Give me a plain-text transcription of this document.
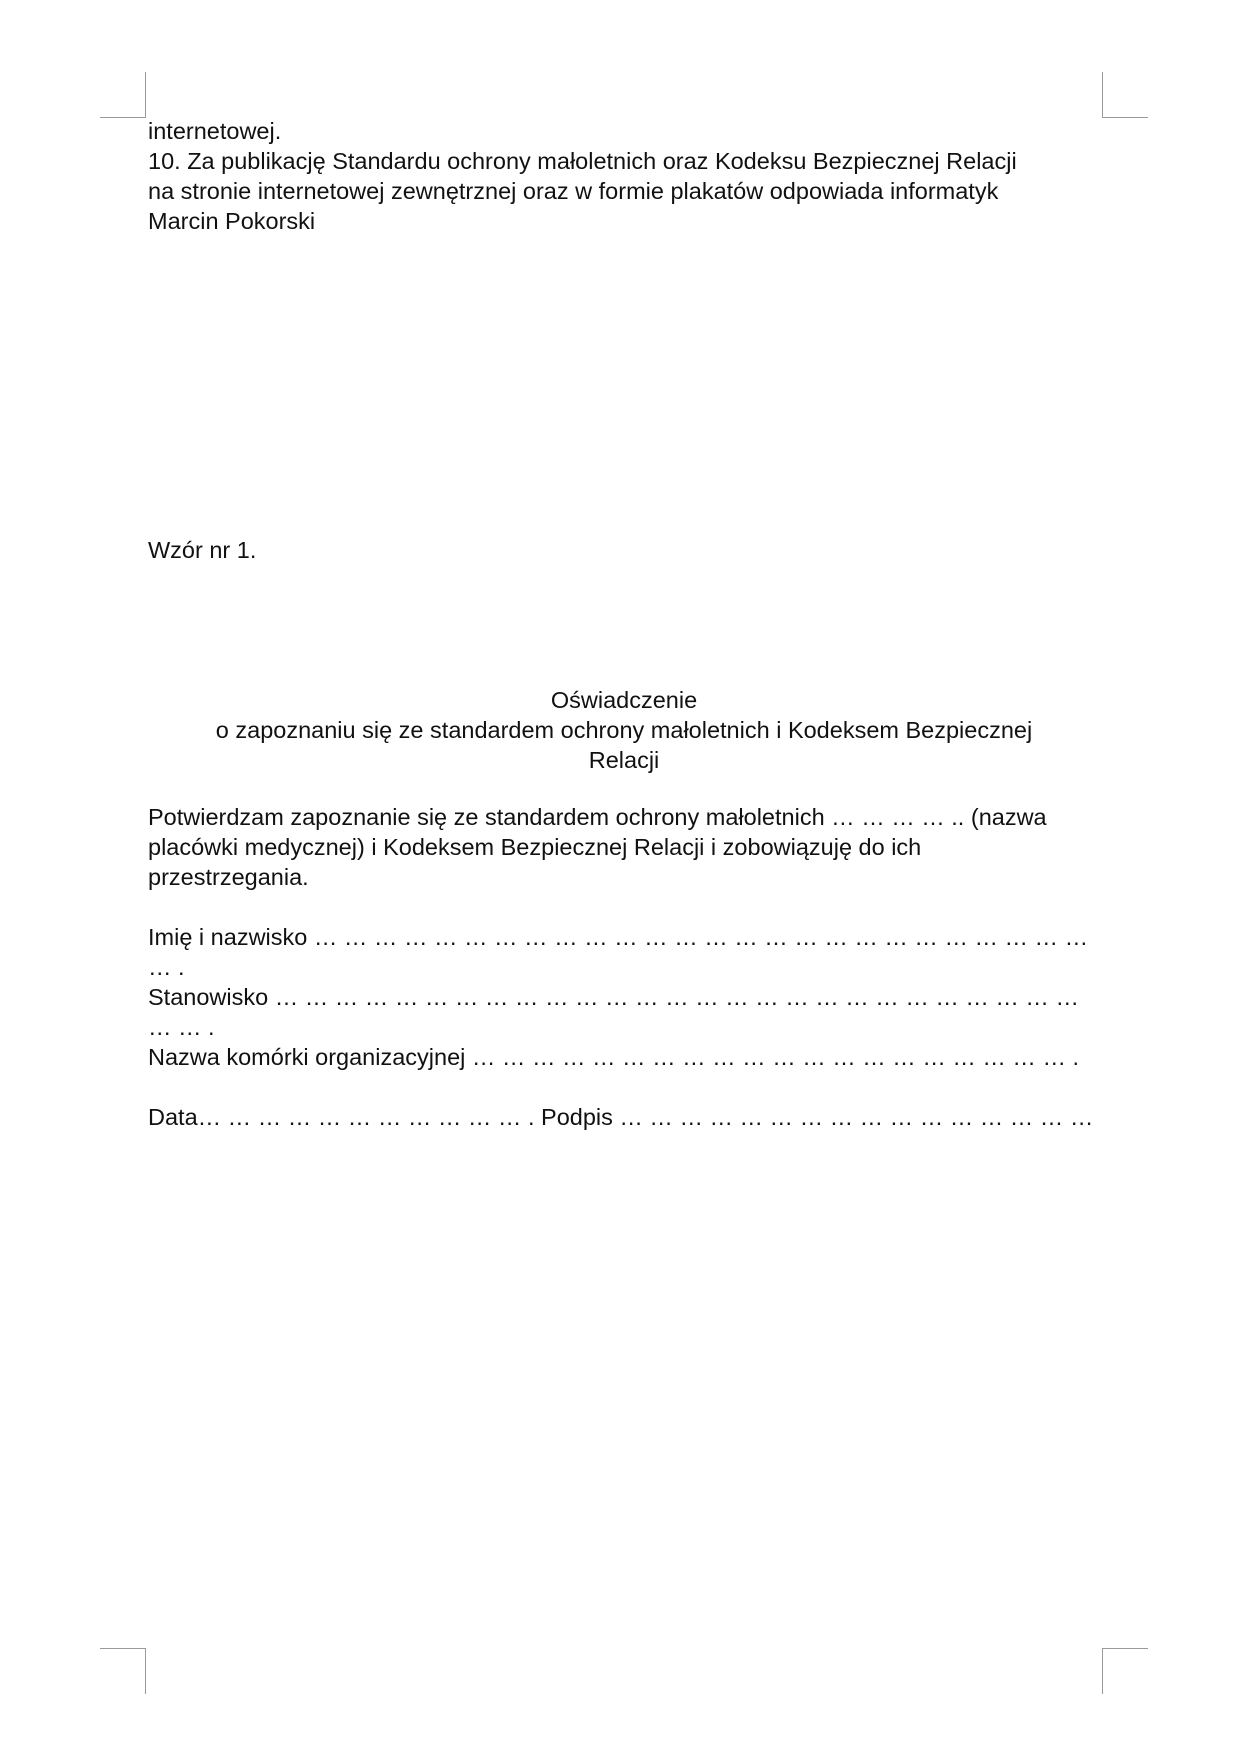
internetowej.

10. Za publikację Standardu ochrony małoletnich oraz Kodeksu Bezpiecznej Relacji

na stronie internetowej zewnętrznej oraz w formie plakatów odpowiada informatyk

Marcin Pokorski

Wzór nr 1.

Oświadczenie

o zapoznaniu się ze standardem ochrony małoletnich i Kodeksem Bezpiecznej

Relacji

Potwierdzam zapoznanie się ze standardem ochrony małoletnich … … … … .. (nazwa

placówki medycznej) i Kodeksem Bezpiecznej Relacji i zobowiązuję do ich

przestrzegania.

Imię i nazwisko … … … … … … … … … … … … … … … … … … … … … … … … … … … .

Stanowisko … … … … … … … … … … … … … … … … … … … … … … … … … … … … … .

Nazwa komórki organizacyjnej … … … … … … … … … … … … … … … … … … … … .

Data… … … … … … … … … … … . Podpis … … … … … … … … … … … … … … … …
